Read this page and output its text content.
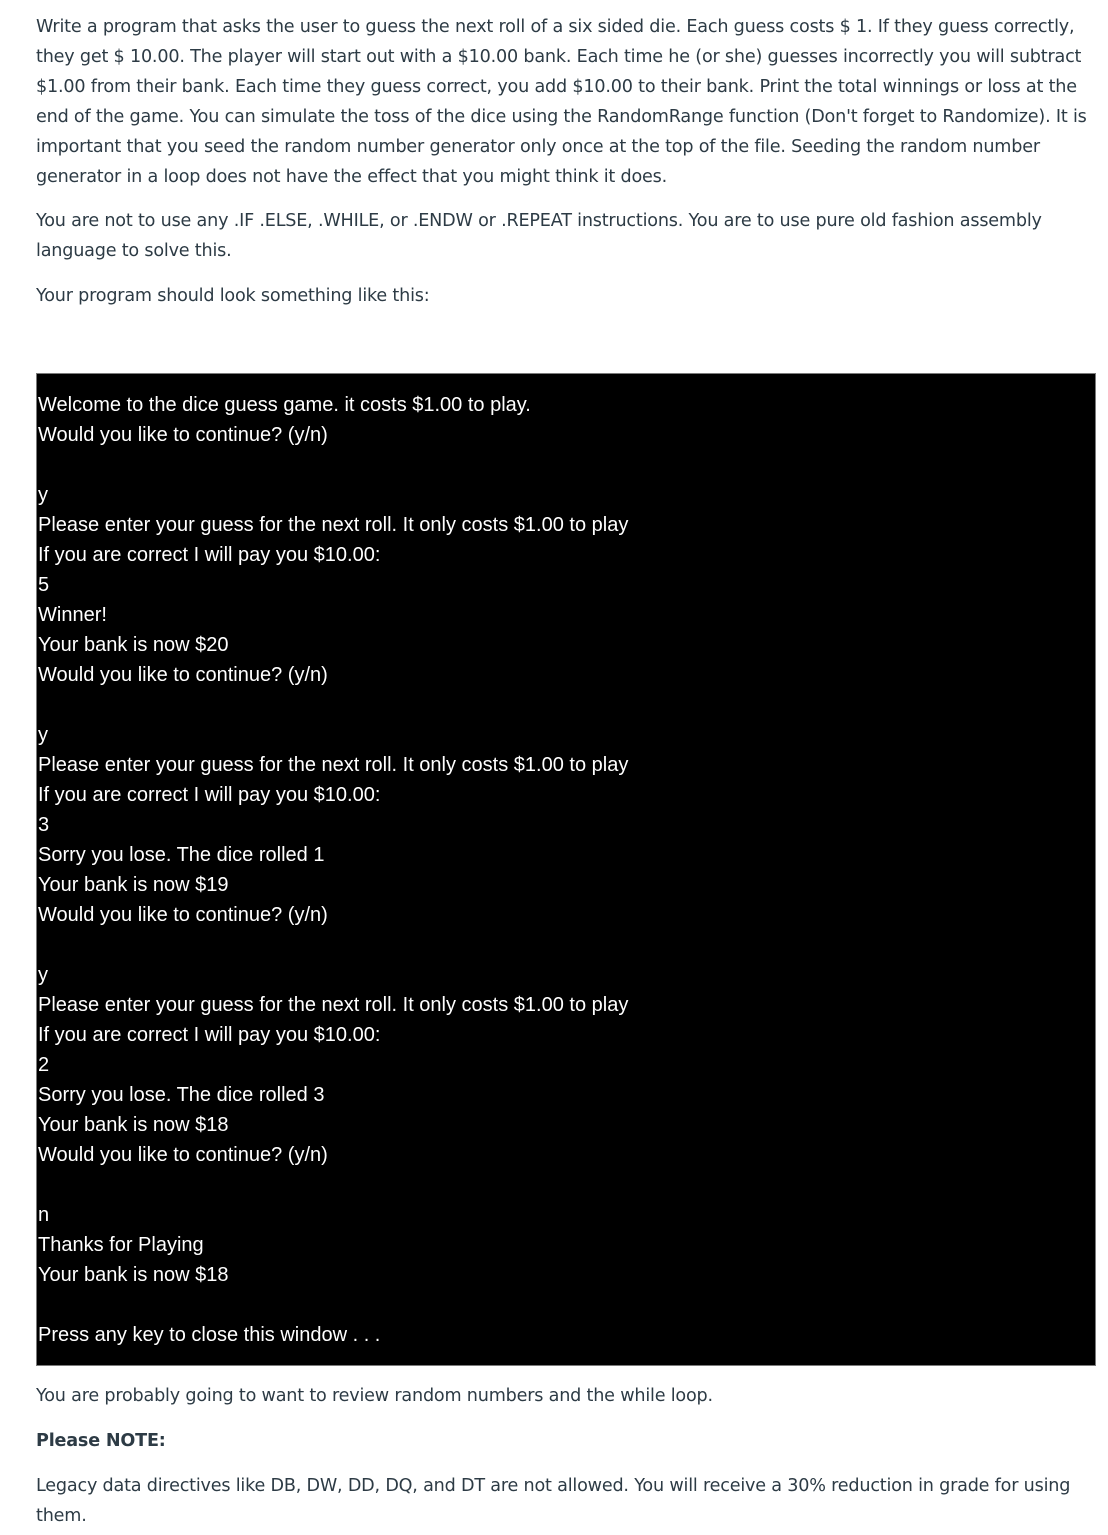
Write a program that asks the user to guess the next roll of a six sided die. Each guess costs $ 1. If they guess correctly, they get $ 10.00. The player will start out with a $10.00 bank. Each time he (or she) guesses incorrectly you will subtract $1.00 from their bank. Each time they guess correct, you add $10.00 to their bank. Print the total winnings or loss at the end of the game. You can simulate the toss of the dice using the RandomRange function (Don't forget to Randomize). It is important that you seed the random number generator only once at the top of the file. Seeding the random number generator in a loop does not have the effect that you might think it does.

You are not to use any .IF .ELSE, .WHILE, or .ENDW or .REPEAT instructions. You are to use pure old fashion assembly language to solve this.

Your program should look something like this:

Welcome to the dice guess game. it costs $1.00 to play.
Would you like to continue? (y/n)
y
Please enter your guess for the next roll. It only costs $1.00 to play
If you are correct I will pay you $10.00:
5
Winner!
Your bank is now $20
Would you like to continue? (y/n)
y
Please enter your guess for the next roll. It only costs $1.00 to play
If you are correct I will pay you $10.00:
3
Sorry you lose. The dice rolled 1
Your bank is now $19
Would you like to continue? (y/n)
y
Please enter your guess for the next roll. It only costs $1.00 to play
If you are correct I will pay you $10.00:
2
Sorry you lose. The dice rolled 3
Your bank is now $18
Would you like to continue? (y/n)
n
Thanks for Playing
Your bank is now $18
Press any key to close this window . . .

You are probably going to want to review random numbers and the while loop.

Please NOTE:

Legacy data directives like DB, DW, DD, DQ, and DT are not allowed. You will receive a 30% reduction in grade for using them.
